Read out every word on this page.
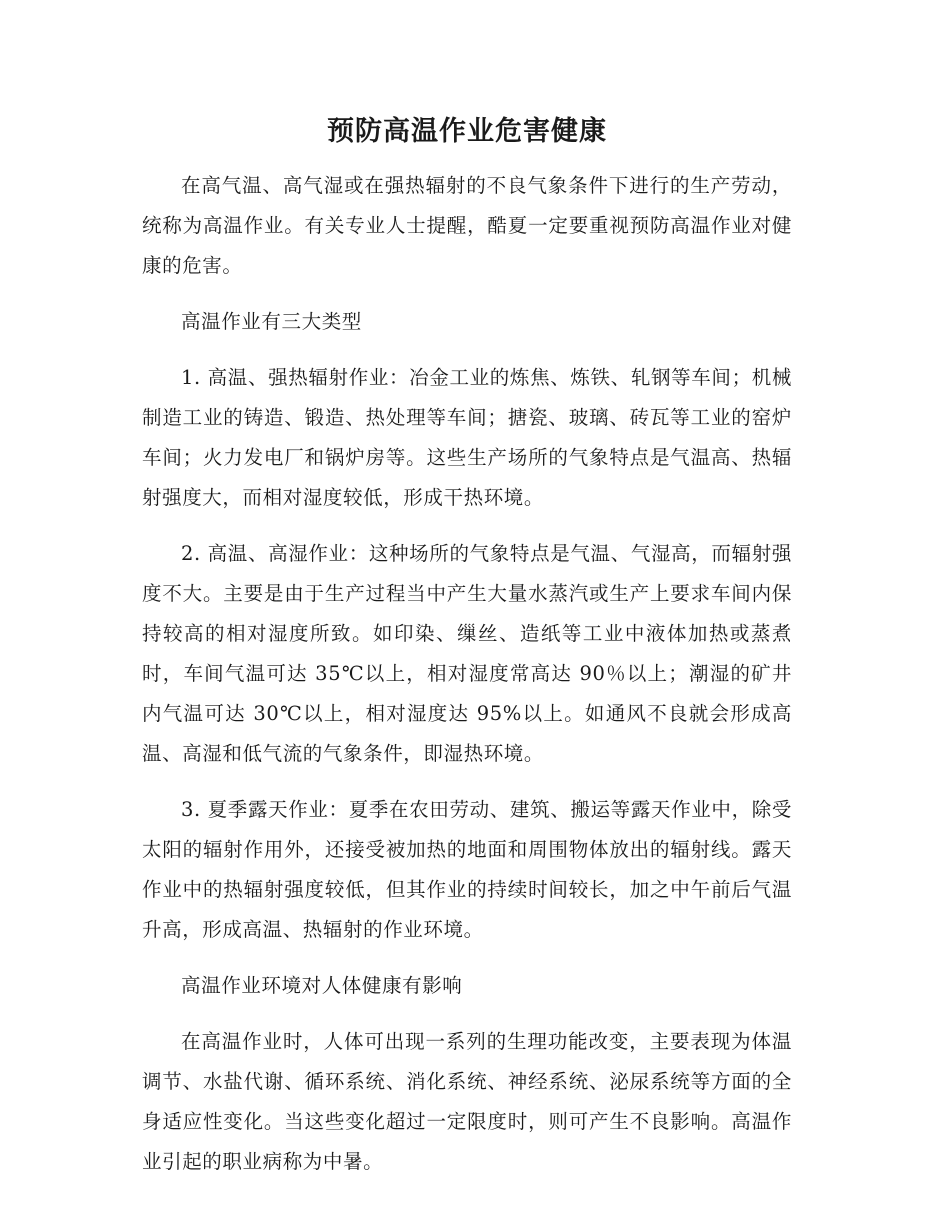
预防高温作业危害健康

在高气温、高气湿或在强热辐射的不良气象条件下进行的生产劳动，统称为高温作业。有关专业人士提醒，酷夏一定要重视预防高温作业对健康的危害。

高温作业有三大类型

1. 高温、强热辐射作业：冶金工业的炼焦、炼铁、轧钢等车间；机械制造工业的铸造、锻造、热处理等车间；搪瓷、玻璃、砖瓦等工业的窑炉车间；火力发电厂和锅炉房等。这些生产场所的气象特点是气温高、热辐射强度大，而相对湿度较低，形成干热环境。

2. 高温、高湿作业：这种场所的气象特点是气温、气湿高，而辐射强度不大。主要是由于生产过程当中产生大量水蒸汽或生产上要求车间内保持较高的相对湿度所致。如印染、缫丝、造纸等工业中液体加热或蒸煮时，车间气温可达 35℃以上，相对湿度常高达 90％以上；潮湿的矿井内气温可达 30℃以上，相对湿度达 95%以上。如通风不良就会形成高温、高湿和低气流的气象条件，即湿热环境。

3. 夏季露天作业：夏季在农田劳动、建筑、搬运等露天作业中，除受太阳的辐射作用外，还接受被加热的地面和周围物体放出的辐射线。露天作业中的热辐射强度较低，但其作业的持续时间较长，加之中午前后气温升高，形成高温、热辐射的作业环境。

高温作业环境对人体健康有影响

在高温作业时，人体可出现一系列的生理功能改变，主要表现为体温调节、水盐代谢、循环系统、消化系统、神经系统、泌尿系统等方面的全身适应性变化。当这些变化超过一定限度时，则可产生不良影响。高温作业引起的职业病称为中暑。
